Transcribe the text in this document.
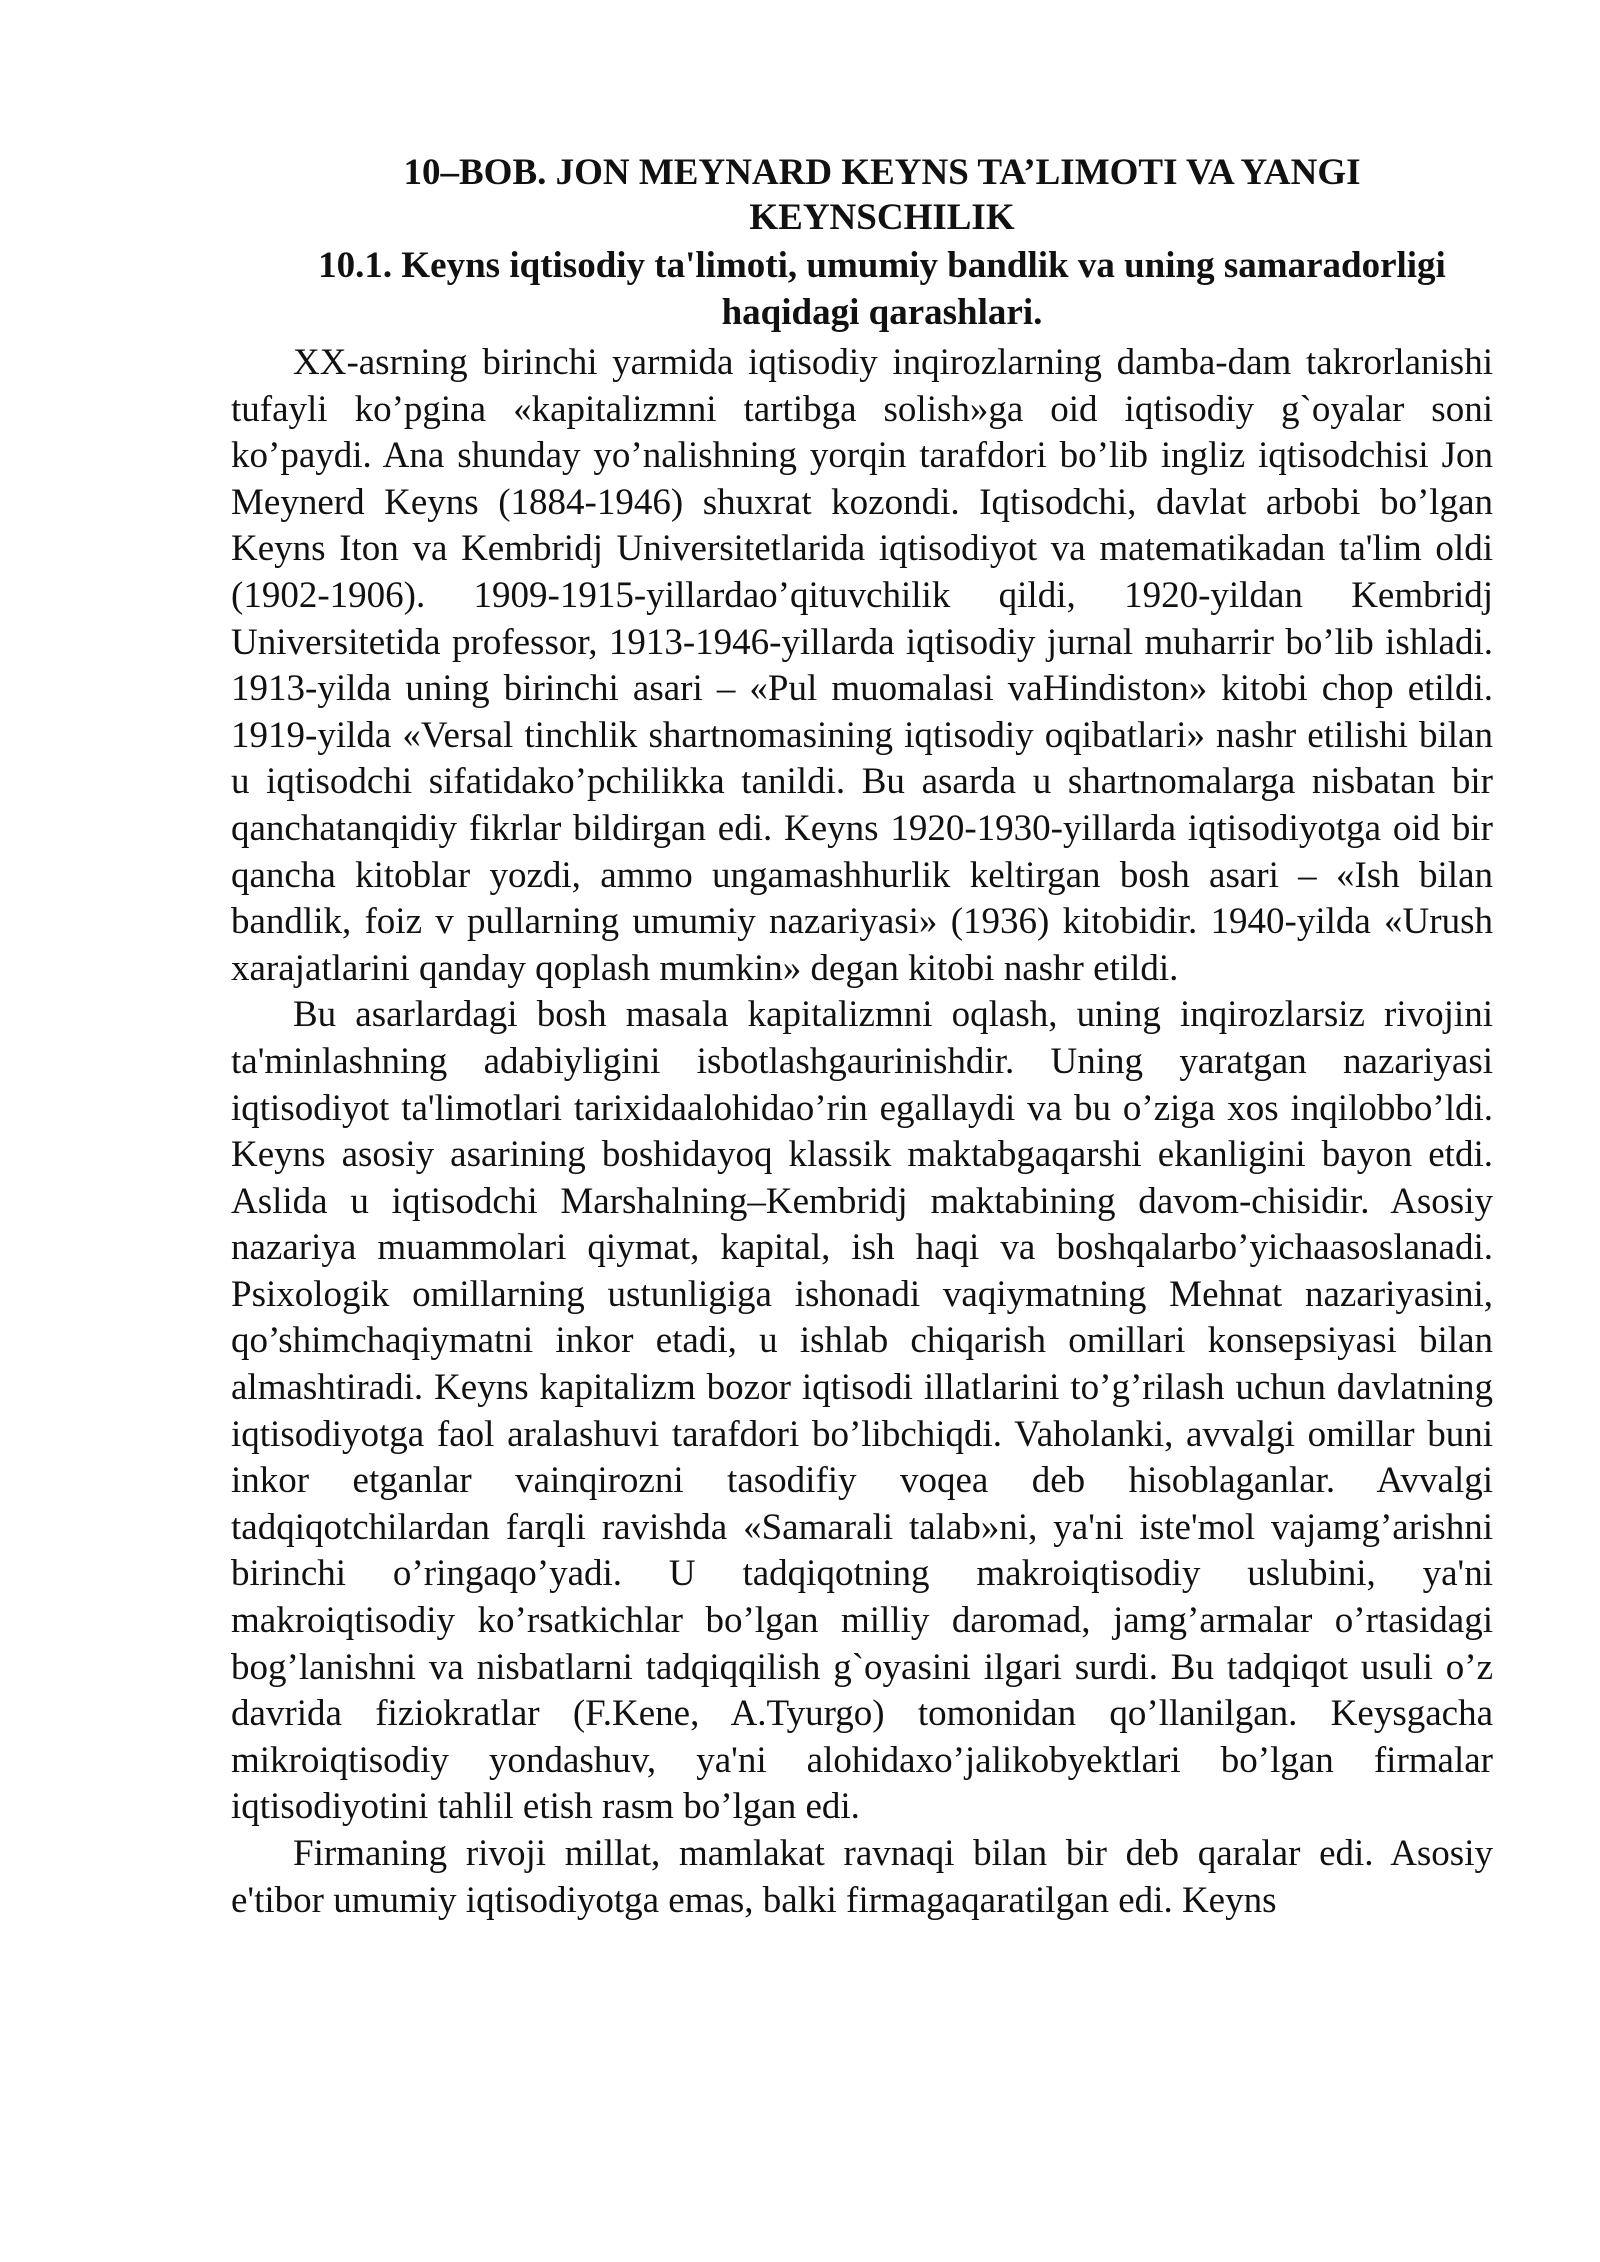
10–BOB. JON MEYNARD KEYNS TA’LIMOTI VA YANGI KEYNSCHILIK
10.1. Keyns iqtisodiy ta'limoti, umumiy bandlik va uning samaradorligi haqidagi qarashlari.

XX-asrning birinchi yarmida iqtisodiy inqirozlarning damba-dam takrorlanishi tufayli ko’pgina «kapitalizmni tartibga solish»ga oid iqtisodiy g`oyalar soni ko’paydi. Ana shunday yo’nalishning yorqin tarafdori bo’lib ingliz iqtisodchisi Jon Meynerd Keyns (1884-1946) shuxrat kozondi. Iqtisodchi, davlat arbobi bo’lgan Keyns Iton va Kembridj Universitetlarida iqtisodiyot va matematikadan ta'lim oldi (1902-1906). 1909-1915-yillardao’qituvchilik qildi, 1920-yildan Kembridj Universitetida professor, 1913-1946-yillarda iqtisodiy jurnal muharrir bo’lib ishladi. 1913-yilda uning birinchi asari – «Pul muomalasi vaHindiston» kitobi chop etildi. 1919-yilda «Versal tinchlik shartnomasining iqtisodiy oqibatlari» nashr etilishi bilan u iqtisodchi sifatidako’pchilikka tanildi. Bu asarda u shartnomalarga nisbatan bir qanchatanqidiy fikrlar bildirgan edi. Keyns 1920-1930-yillarda iqtisodiyotga oid bir qancha kitoblar yozdi, ammo ungamashhurlik keltirgan bosh asari – «Ish bilan bandlik, foiz v pullarning umumiy nazariyasi» (1936) kitobidir. 1940-yilda «Urush xarajatlarini qanday qoplash mumkin» degan kitobi nashr etildi.

Bu asarlardagi bosh masala kapitalizmni oqlash, uning inqirozlarsiz rivojini ta'minlashning adabiyligini isbotlashgaurinishdir. Uning yaratgan nazariyasi iqtisodiyot ta'limotlari tarixidaalohidao’rin egallaydi va bu o’ziga xos inqilobbo’ldi. Keyns asosiy asarining boshidayoq klassik maktabgaqarshi ekanligini bayon etdi. Aslida u iqtisodchi Marshalning–Kembridj maktabining davom-chisidir. Asosiy nazariya muammolari qiymat, kapital, ish haqi va boshqalarbo’yichaasoslanadi. Psixologik omillarning ustunligiga ishonadi vaqiymatning Mehnat nazariyasini, qo’shimchaqiymatni inkor etadi, u ishlab chiqarish omillari konsepsiyasi bilan almashtiradi. Keyns kapitalizm bozor iqtisodi illatlarini to’g’rilash uchun davlatning iqtisodiyotga faol aralashuvi tarafdori bo’libchiqdi. Vaholanki, avvalgi omillar buni inkor etganlar vainqirozni tasodifiy voqea deb hisoblaganlar. Avvalgi tadqiqotchilardan farqli ravishda «Samarali talab»ni, ya'ni iste'mol vajamg’arishni birinchi o’ringaqo’yadi. U tadqiqotning makroiqtisodiy uslubini, ya'ni makroiqtisodiy ko’rsatkichlar bo’lgan milliy daromad, jamg’armalar o’rtasidagi bog’lanishni va nisbatlarni tadqiqqilish g`oyasini ilgari surdi. Bu tadqiqot usuli o’z davrida fiziokratlar (F.Kene, A.Tyurgo) tomonidan qo’llanilgan. Keysgacha mikroiqtisodiy yondashuv, ya'ni alohidaxo’jalikobyektlari bo’lgan firmalar iqtisodiyotini tahlil etish rasm bo’lgan edi.

Firmaning rivoji millat, mamlakat ravnaqi bilan bir deb qaralar edi. Asosiy e'tibor umumiy iqtisodiyotga emas, balki firmagaqaratilgan edi. Keyns
